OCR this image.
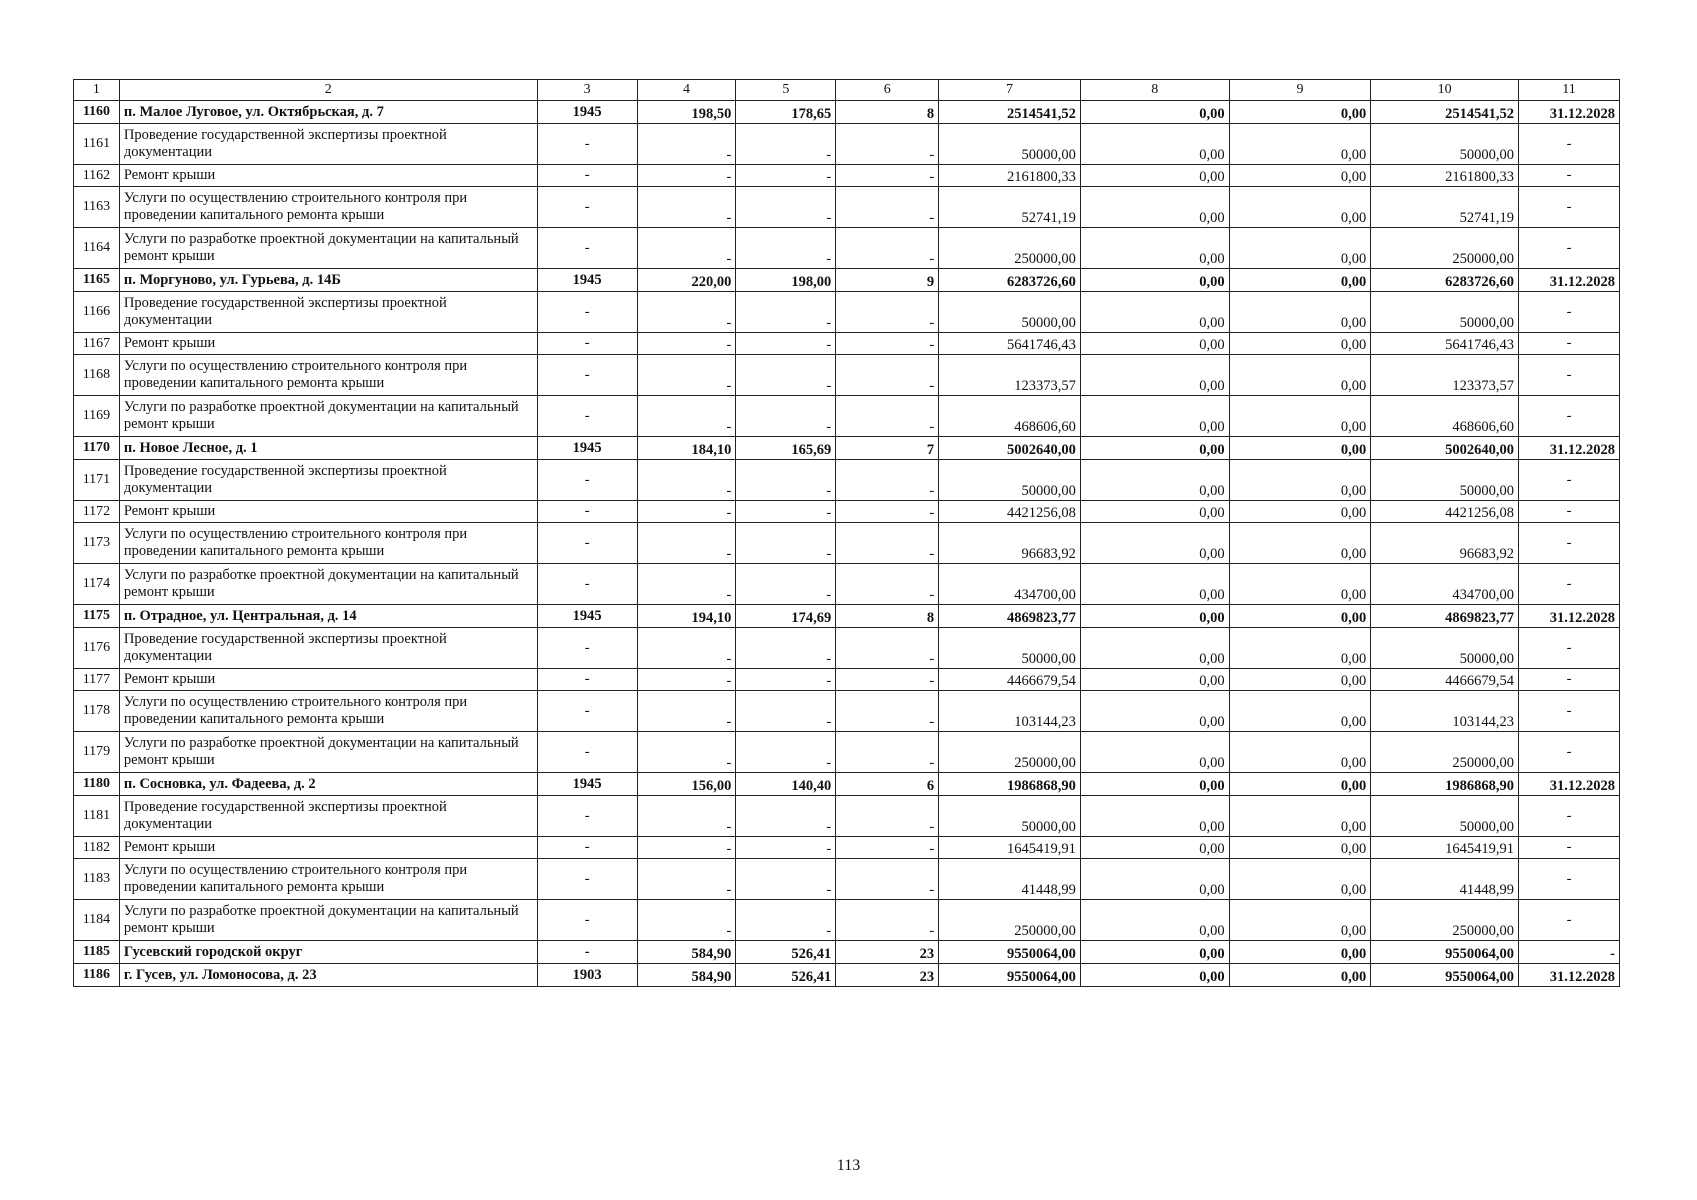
1	2	3	4	5	6	7	8	9	10	11
1160	п. Малое Луговое, ул. Октябрьская, д. 7	1945	198,50	178,65	8	2514541,52	0,00	0,00	2514541,52	31.12.2028
1161	Проведение государственной экспертизы проектной документации	-	-	-	-	50000,00	0,00	0,00	50000,00	-
1162	Ремонт крыши	-	-	-	-	2161800,33	0,00	0,00	2161800,33	-
1163	Услуги по осуществлению строительного контроля при проведении капитального ремонта крыши	-	-	-	-	52741,19	0,00	0,00	52741,19	-
1164	Услуги по разработке проектной документации на капитальный ремонт крыши	-	-	-	-	250000,00	0,00	0,00	250000,00	-
1165	п. Моргуново, ул. Гурьева, д. 14Б	1945	220,00	198,00	9	6283726,60	0,00	0,00	6283726,60	31.12.2028
1166	Проведение государственной экспертизы проектной документации	-	-	-	-	50000,00	0,00	0,00	50000,00	-
1167	Ремонт крыши	-	-	-	-	5641746,43	0,00	0,00	5641746,43	-
1168	Услуги по осуществлению строительного контроля при проведении капитального ремонта крыши	-	-	-	-	123373,57	0,00	0,00	123373,57	-
1169	Услуги по разработке проектной документации на капитальный ремонт крыши	-	-	-	-	468606,60	0,00	0,00	468606,60	-
1170	п. Новое Лесное, д. 1	1945	184,10	165,69	7	5002640,00	0,00	0,00	5002640,00	31.12.2028
1171	Проведение государственной экспертизы проектной документации	-	-	-	-	50000,00	0,00	0,00	50000,00	-
1172	Ремонт крыши	-	-	-	-	4421256,08	0,00	0,00	4421256,08	-
1173	Услуги по осуществлению строительного контроля при проведении капитального ремонта крыши	-	-	-	-	96683,92	0,00	0,00	96683,92	-
1174	Услуги по разработке проектной документации на капитальный ремонт крыши	-	-	-	-	434700,00	0,00	0,00	434700,00	-
1175	п. Отрадное, ул. Центральная, д. 14	1945	194,10	174,69	8	4869823,77	0,00	0,00	4869823,77	31.12.2028
1176	Проведение государственной экспертизы проектной документации	-	-	-	-	50000,00	0,00	0,00	50000,00	-
1177	Ремонт крыши	-	-	-	-	4466679,54	0,00	0,00	4466679,54	-
1178	Услуги по осуществлению строительного контроля при проведении капитального ремонта крыши	-	-	-	-	103144,23	0,00	0,00	103144,23	-
1179	Услуги по разработке проектной документации на капитальный ремонт крыши	-	-	-	-	250000,00	0,00	0,00	250000,00	-
1180	п. Сосновка, ул. Фадеева, д. 2	1945	156,00	140,40	6	1986868,90	0,00	0,00	1986868,90	31.12.2028
1181	Проведение государственной экспертизы проектной документации	-	-	-	-	50000,00	0,00	0,00	50000,00	-
1182	Ремонт крыши	-	-	-	-	1645419,91	0,00	0,00	1645419,91	-
1183	Услуги по осуществлению строительного контроля при проведении капитального ремонта крыши	-	-	-	-	41448,99	0,00	0,00	41448,99	-
1184	Услуги по разработке проектной документации на капитальный ремонт крыши	-	-	-	-	250000,00	0,00	0,00	250000,00	-
1185	Гусевский городской округ	-	584,90	526,41	23	9550064,00	0,00	0,00	9550064,00	-
1186	г. Гусев, ул. Ломоносова, д. 23	1903	584,90	526,41	23	9550064,00	0,00	0,00	9550064,00	31.12.2028
113
